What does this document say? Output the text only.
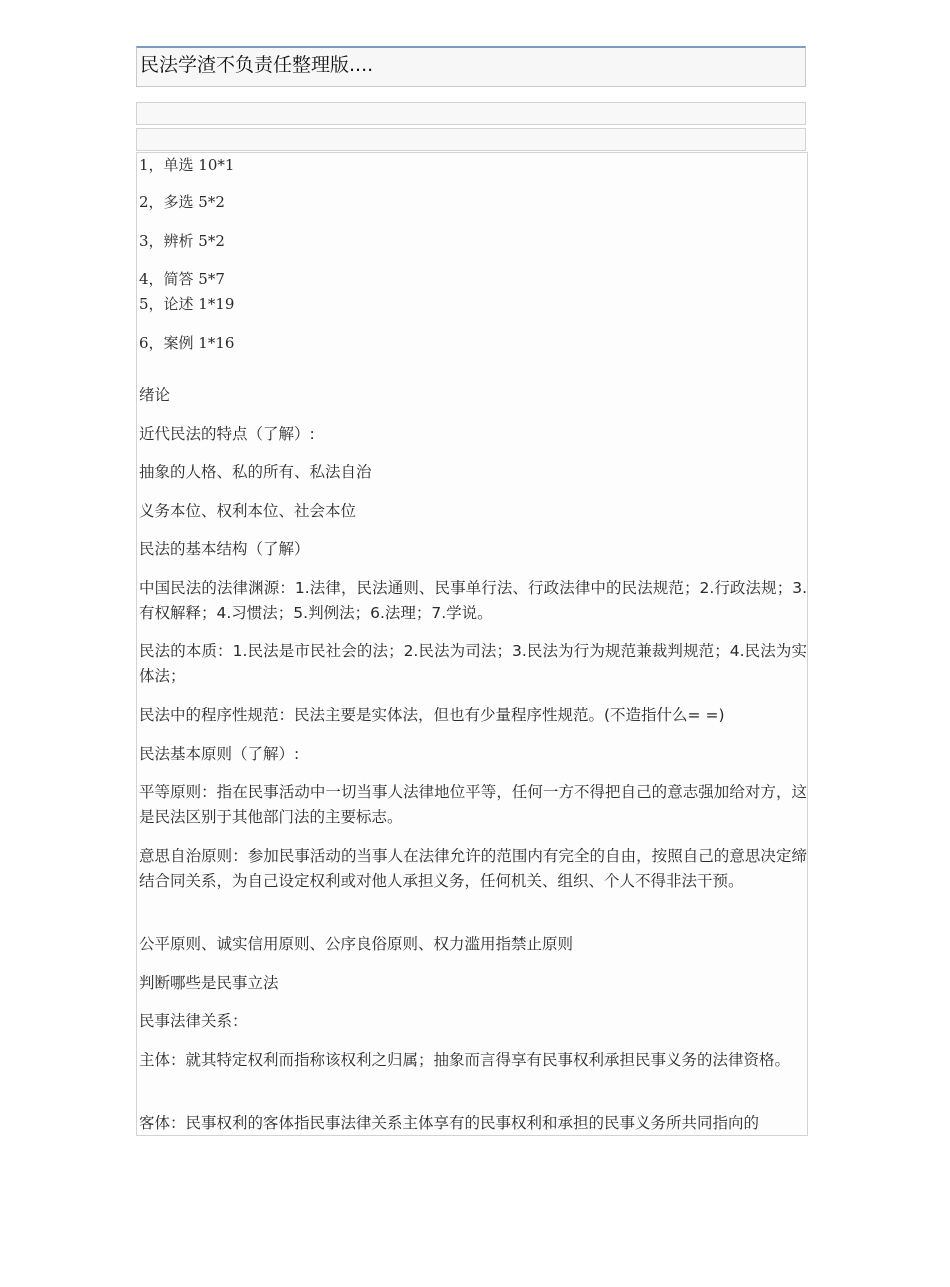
民法学渣不负责任整理版....
1，单选 10*1
2，多选 5*2
3，辨析 5*2
4，简答 5*7
5，论述 1*19
6，案例 1*16
绪论
近代民法的特点（了解）:
抽象的人格、私的所有、私法自治
义务本位、权利本位、社会本位
民法的基本结构（了解）
中国民法的法律渊源：1.法律，民法通则、民事单行法、行政法律中的民法规范；2.行政法规；3.有权解释；4.习惯法；5.判例法；6.法理；7.学说。
民法的本质：1.民法是市民社会的法；2.民法为司法；3.民法为行为规范兼裁判规范；4.民法为实体法；
民法中的程序性规范：民法主要是实体法，但也有少量程序性规范。(不造指什么= =)
民法基本原则（了解）:
平等原则：指在民事活动中一切当事人法律地位平等，任何一方不得把自己的意志强加给对方，这是民法区别于其他部门法的主要标志。
意思自治原则：参加民事活动的当事人在法律允许的范围内有完全的自由，按照自己的意思决定缔结合同关系，为自己设定权利或对他人承担义务，任何机关、组织、个人不得非法干预。
公平原则、诚实信用原则、公序良俗原则、权力滥用指禁止原则
判断哪些是民事立法
民事法律关系：
主体：就其特定权利而指称该权利之归属；抽象而言得享有民事权利承担民事义务的法律资格。
客体：民事权利的客体指民事法律关系主体享有的民事权利和承担的民事义务所共同指向的
